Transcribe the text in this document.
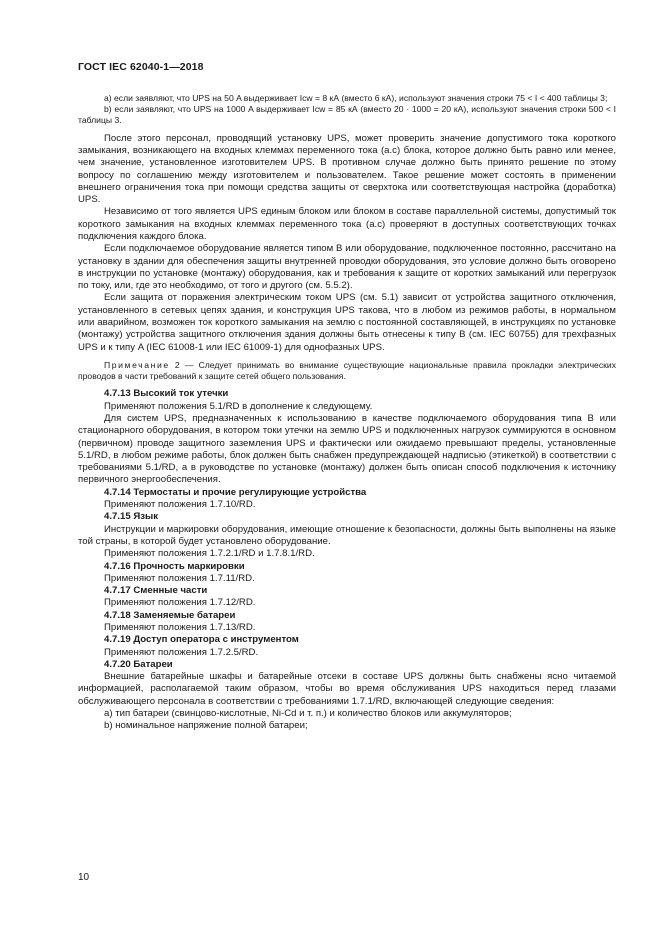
ГОСТ IEC 62040-1—2018

a) если заявляют, что UPS на 50 A выдерживает Icw = 8 кА (вместо 6 кА), используют значения строки 75 < I < 400 таблицы 3;

b) если заявляют, что UPS на 1000 A выдерживает Icw = 85 кА (вместо 20 · 1000 = 20 кА), используют значения строки 500 < I таблицы 3.

После этого персонал, проводящий установку UPS, может проверить значение допустимого тока короткого замыкания, возникающего на входных клеммах переменного тока (а.с) блока, которое должно быть равно или менее, чем значение, установленное изготовителем UPS. В противном случае должно быть принято решение по этому вопросу по соглашению между изготовителем и пользователем. Такое решение может состоять в применении внешнего ограничения тока при помощи средства защиты от сверхтока или соответствующая настройка (доработка) UPS.

Независимо от того является UPS единым блоком или блоком в составе параллельной системы, допустимый ток короткого замыкания на входных клеммах переменного тока (а.с) проверяют в доступных соответствующих точках подключения каждого блока.

Если подключаемое оборудование является типом B или оборудование, подключенное постоянно, рассчитано на установку в здании для обеспечения защиты внутренней проводки оборудования, это условие должно быть оговорено в инструкции по установке (монтажу) оборудования, как и требования к защите от коротких замыканий или перегрузок по току, или, где это необходимо, от того и другого (см. 5.5.2).

Если защита от поражения электрическим током UPS (см. 5.1) зависит от устройства защитного отключения, установленного в сетевых цепях здания, и конструкция UPS такова, что в любом из режимов работы, в нормальном или аварийном, возможен ток короткого замыкания на землю с постоянной составляющей, в инструкциях по установке (монтажу) устройства защитного отключения здания должны быть отнесены к типу B (см. IEC 60755) для трехфазных UPS и к типу A (IEC 61008-1 или IEC 61009-1) для однофазных UPS.

Примечание 2 — Следует принимать во внимание существующие национальные правила прокладки электрических проводов в части требований к защите сетей общего пользования.

4.7.13 Высокий ток утечки

Применяют положения 5.1/RD в дополнение к следующему.

Для систем UPS, предназначенных к использованию в качестве подключаемого оборудования типа B или стационарного оборудования, в котором токи утечки на землю UPS и подключенных нагрузок суммируются в основном (первичном) проводе защитного заземления UPS и фактически или ожидаемо превышают пределы, установленные 5.1/RD, в любом режиме работы, блок должен быть снабжен предупреждающей надписью (этикеткой) в соответствии с требованиями 5.1/RD, а в руководстве по установке (монтажу) должен быть описан способ подключения к источнику первичного энергообеспечения.

4.7.14 Термостаты и прочие регулирующие устройства

Применяют положения 1.7.10/RD.

4.7.15 Язык

Инструкции и маркировки оборудования, имеющие отношение к безопасности, должны быть выполнены на языке той страны, в которой будет установлено оборудование.

Применяют положения 1.7.2.1/RD и 1.7.8.1/RD.

4.7.16 Прочность маркировки

Применяют положения 1.7.11/RD.

4.7.17 Сменные части

Применяют положения 1.7.12/RD.

4.7.18 Заменяемые батареи

Применяют положения 1.7.13/RD.

4.7.19 Доступ оператора с инструментом

Применяют положения 1.7.2.5/RD.

4.7.20 Батареи

Внешние батарейные шкафы и батарейные отсеки в составе UPS должны быть снабжены ясно читаемой информацией, располагаемой таким образом, чтобы во время обслуживания UPS находиться перед глазами обслуживающего персонала в соответствии с требованиями 1.7.1/RD, включающей следующие сведения:

a) тип батареи (свинцово-кислотные, Ni-Cd и т. п.) и количество блоков или аккумуляторов;

b) номинальное напряжение полной батареи;

10
